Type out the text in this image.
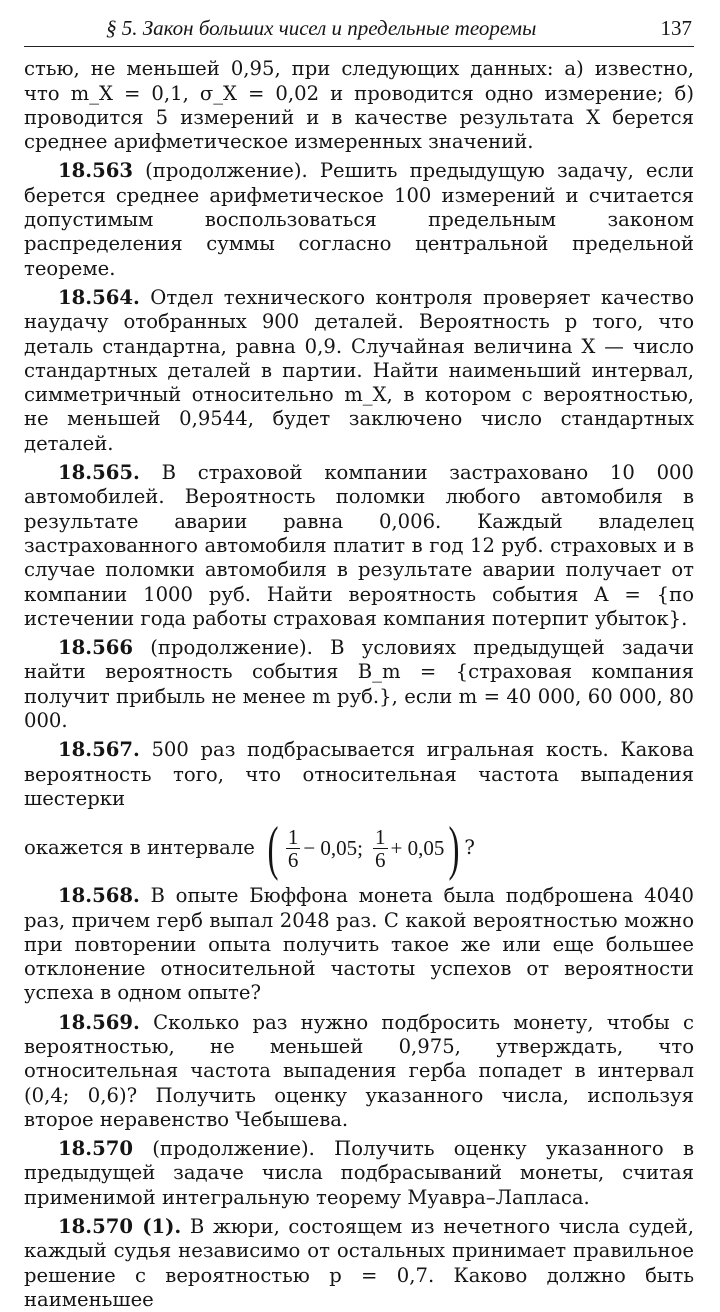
§ 5. Закон больших чисел и предельные теоремы	137

стью, не меньшей 0,95, при следующих данных: а) известно, что m_X = 0,1, σ_X = 0,02 и проводится одно измерение; б) проводится 5 измерений и в качестве результата X берется среднее арифметическое измеренных значений.

18.563 (продолжение). Решить предыдущую задачу, если берется среднее арифметическое 100 измерений и считается допустимым воспользоваться предельным законом распределения суммы согласно центральной предельной теореме.

18.564. Отдел технического контроля проверяет качество наудачу отобранных 900 деталей. Вероятность p того, что деталь стандартна, равна 0,9. Случайная величина X — число стандартных деталей в партии. Найти наименьший интервал, симметричный относительно m_X, в котором с вероятностью, не меньшей 0,9544, будет заключено число стандартных деталей.

18.565. В страховой компании застраховано 10 000 автомобилей. Вероятность поломки любого автомобиля в результате аварии равна 0,006. Каждый владелец застрахованного автомобиля платит в год 12 руб. страховых и в случае поломки автомобиля в результате аварии получает от компании 1000 руб. Найти вероятность события A = {по истечении года работы страховая компания потерпит убыток}.

18.566 (продолжение). В условиях предыдущей задачи найти вероятность события B_m = {страховая компания получит прибыль не менее m руб.}, если m = 40 000, 60 000, 80 000.

18.567. 500 раз подбрасывается игральная кость. Какова вероятность того, что относительная частота выпадения шестерки

окажется в интервале ( $\frac{1}{6} - 0,05$; $\frac{1}{6} + 0,05$ ) ?

18.568. В опыте Бюффона монета была подброшена 4040 раз, причем герб выпал 2048 раз. С какой вероятностью можно при повторении опыта получить такое же или еще большее отклонение относительной частоты успехов от вероятности успеха в одном опыте?

18.569. Сколько раз нужно подбросить монету, чтобы с вероятностью, не меньшей 0,975, утверждать, что относительная частота выпадения герба попадет в интервал (0,4; 0,6)? Получить оценку указанного числа, используя второе неравенство Чебышева.

18.570 (продолжение). Получить оценку указанного в предыдущей задаче числа подбрасываний монеты, считая применимой интегральную теорему Муавра–Лапласа.

18.570 (1). В жюри, состоящем из нечетного числа судей, каждый судья независимо от остальных принимает правильное решение с вероятностью p = 0,7. Каково должно быть наименьшее
